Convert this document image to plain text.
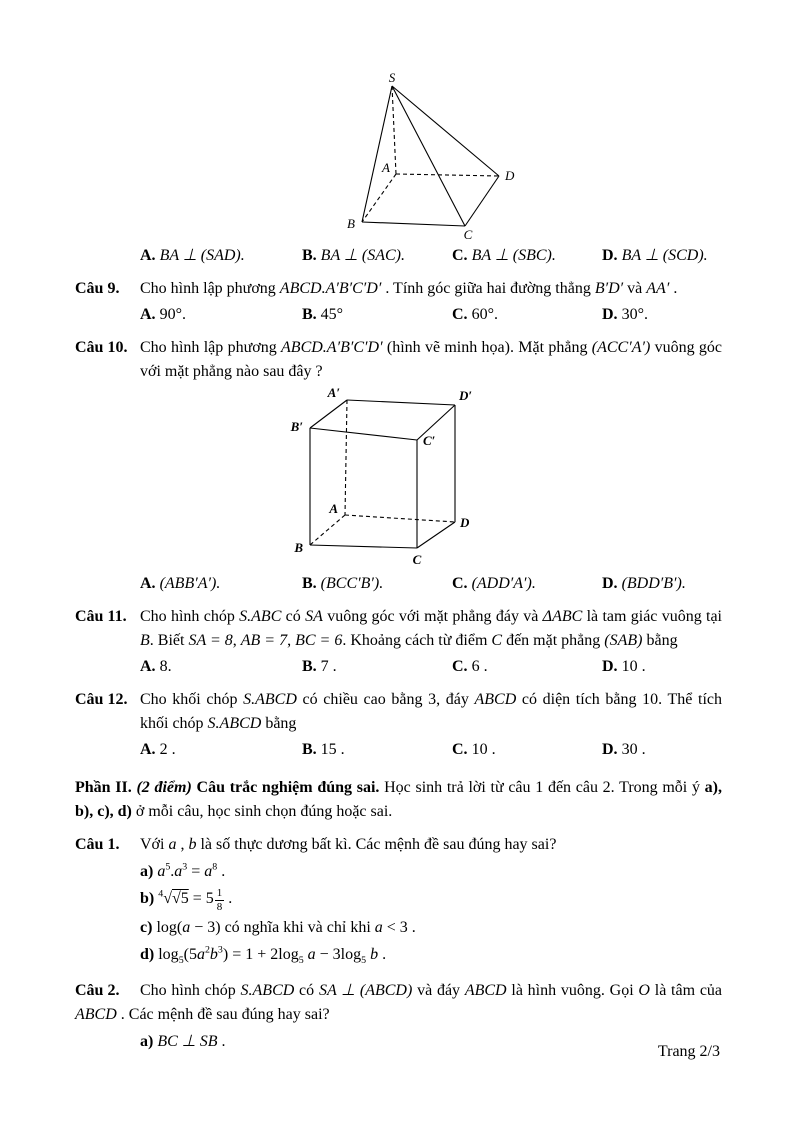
S
A
B
C
D
A. BA ⊥ (SAD).	B. BA ⊥ (SAC).	C. BA ⊥ (SBC).	D. BA ⊥ (SCD).
Câu 9.	Cho hình lập phương ABCD.A′B′C′D′ . Tính góc giữa hai đường thẳng B′D′ và AA′ .
A. 90°.	B. 45°	C. 60°.	D. 30°.
Câu 10. Cho hình lập phương ABCD.A′B′C′D′ (hình vẽ minh họa). Mặt phẳng (ACC′A′) vuông góc với mặt phẳng nào sau đây ?
A′	D′
B′
C′
A
D
B
C
A. (ABB′A′).	B. (BCC′B′).	C. (ADD′A′).	D. (BDD′B′).
Câu 11. Cho hình chóp S.ABC có SA vuông góc với mặt phẳng đáy và ΔABC là tam giác vuông tại B. Biết SA = 8, AB = 7, BC = 6. Khoảng cách từ điểm C đến mặt phẳng (SAB) bằng
A. 8.	B. 7 .	C. 6 .	D. 10 .
Câu 12. Cho khối chóp S.ABCD có chiều cao bằng 3, đáy ABCD có diện tích bằng 10. Thể tích khối chóp S.ABCD bằng
A. 2 .	B. 15 .	C. 10 .	D. 30 .
Phần II. (2 điểm) Câu trắc nghiệm đúng sai. Học sinh trả lời từ câu 1 đến câu 2. Trong mỗi ý a), b), c), d) ở mỗi câu, học sinh chọn đúng hoặc sai.
Câu 1.	Với a , b là số thực dương bất kì. Các mệnh đề sau đúng hay sai?
a) $a^5.a^3 = a^8$ .
b) $^4√√5 = 5 \frac{1}{8}$ .
c) log(a − 3) có nghĩa khi và chỉ khi a < 3 .
d) $\log_5(5a^2b^3) = 1 + 2\log_5$ $a - 3\log_5$ b .
Câu 2. Cho hình chóp S.ABCD có SA ⊥ (ABCD) và đáy ABCD là hình vuông. Gọi O là tâm của ABCD . Các mệnh đề sau đúng hay sai?
a) BC ⊥ SB .
Trang 2/3
